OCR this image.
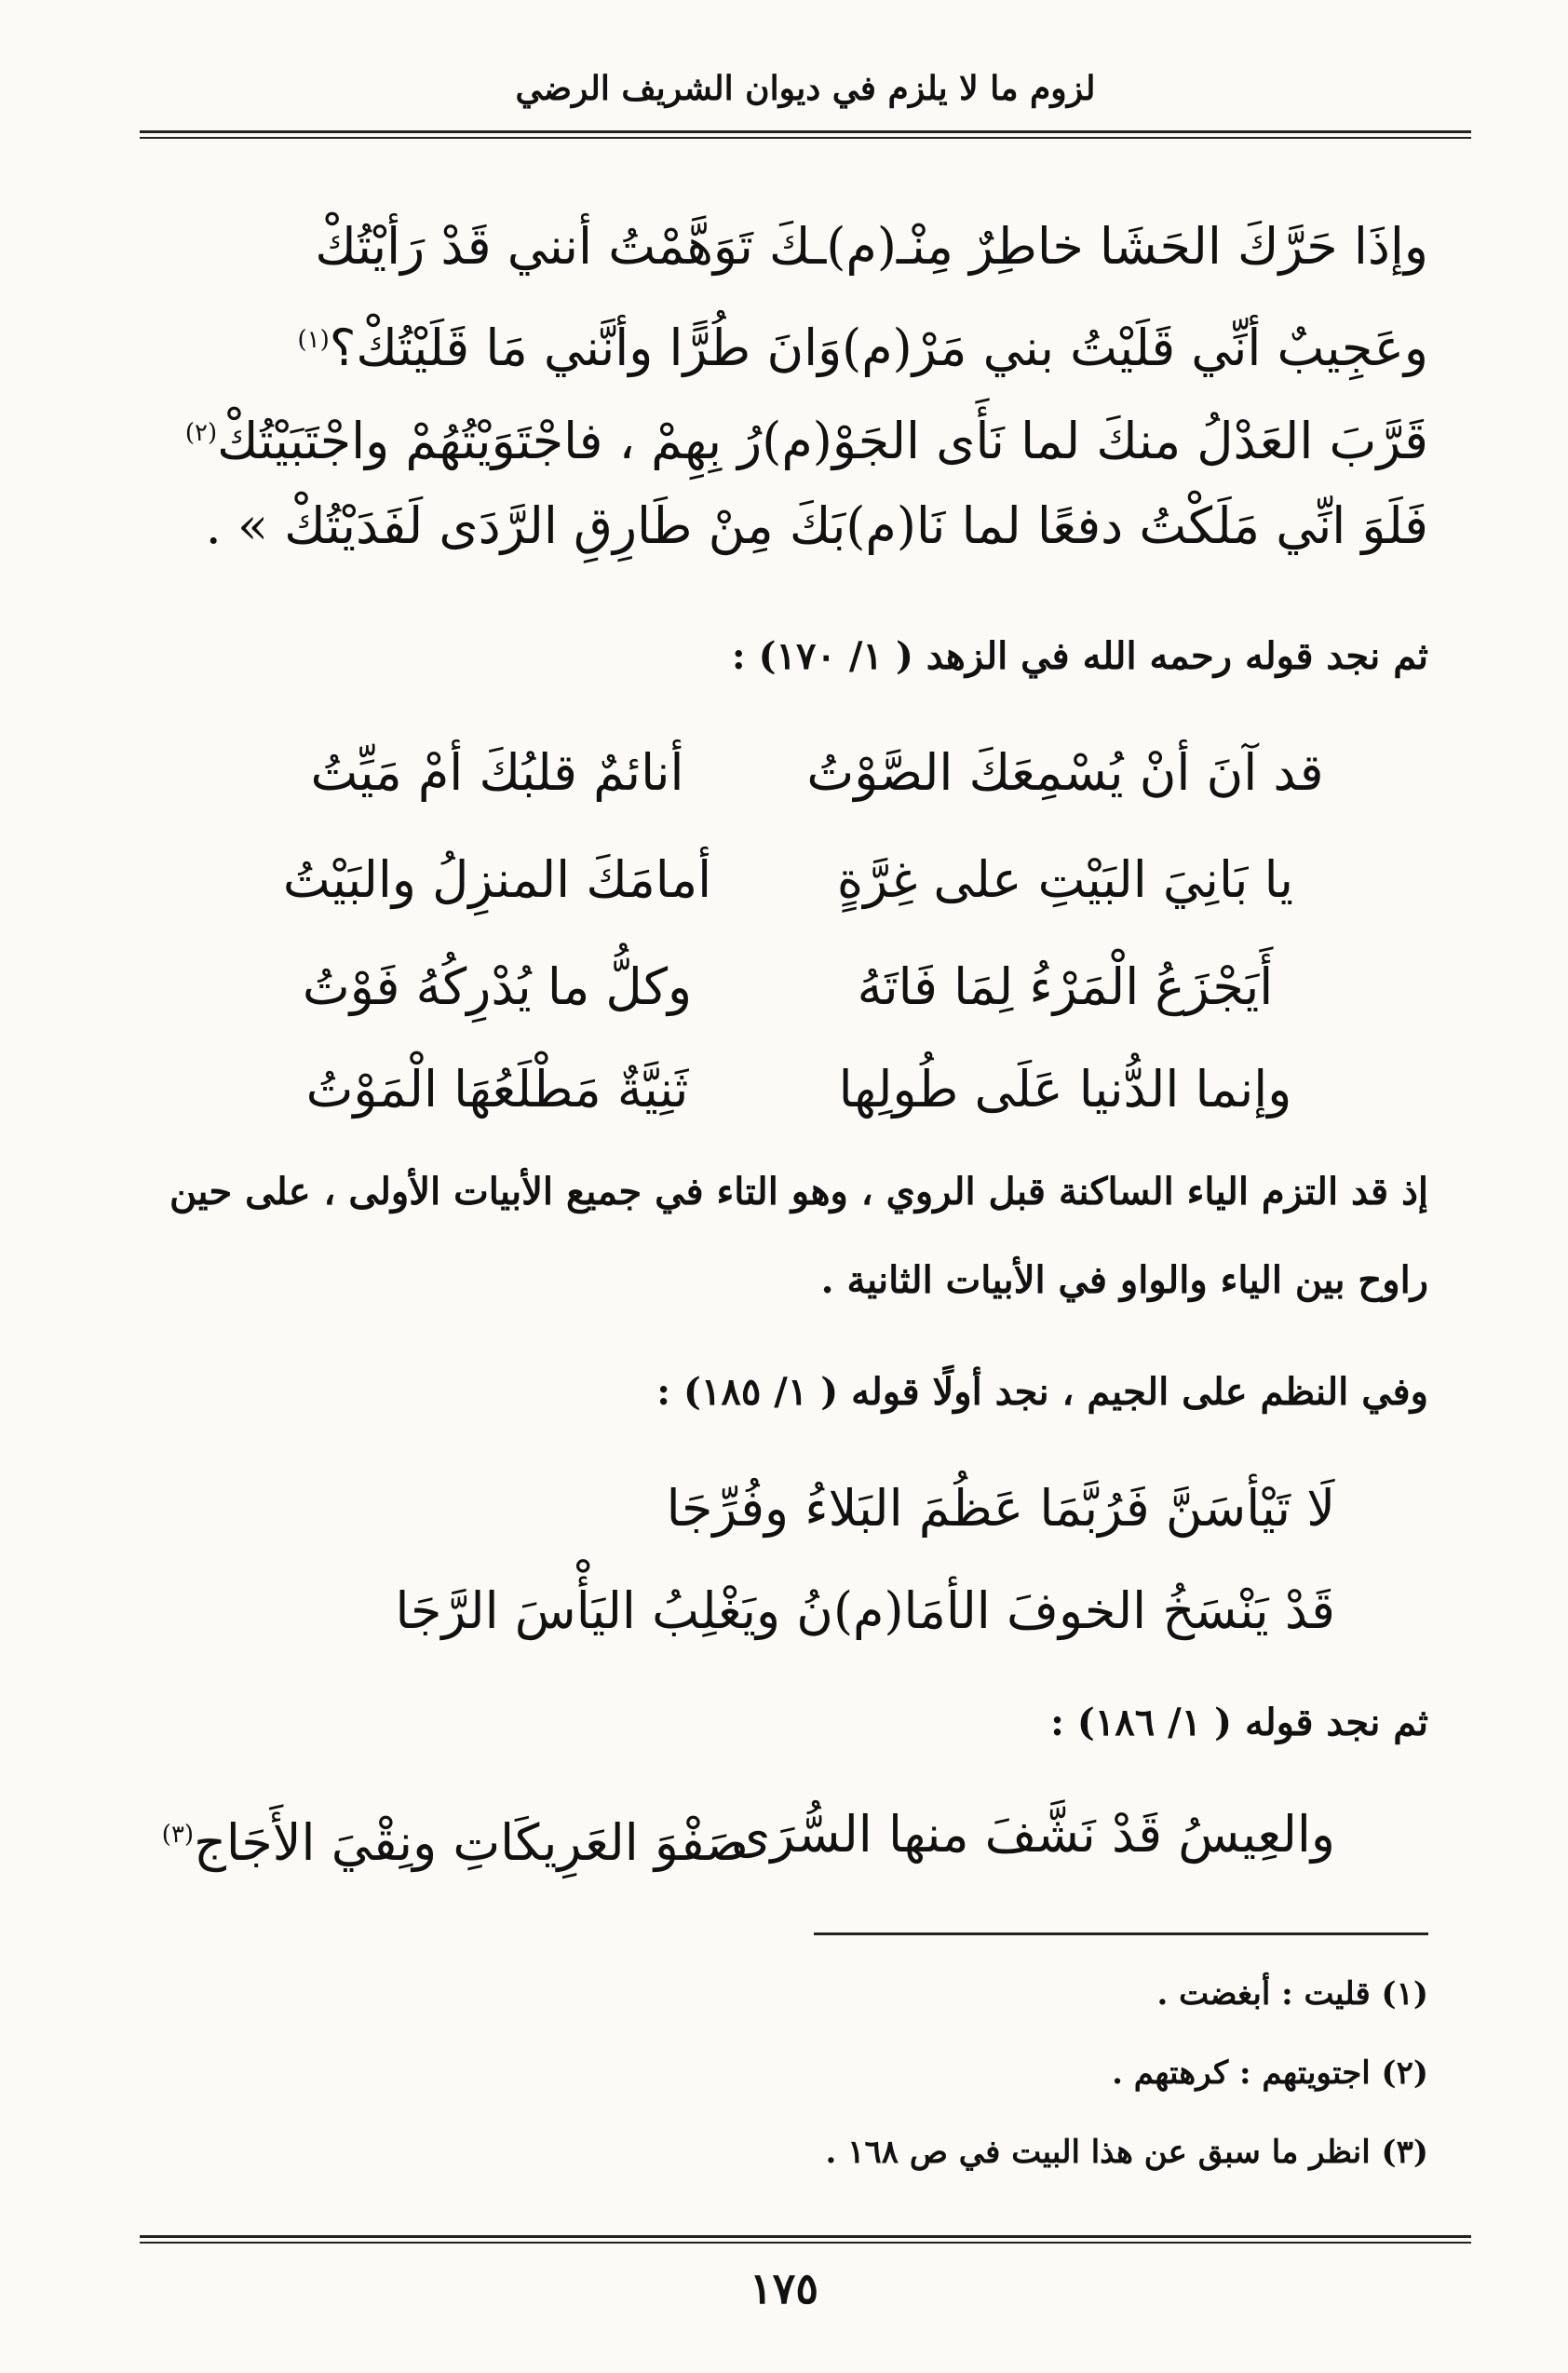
لزوم ما لا يلزم في ديوان الشريف الرضي
وإذَا حَرَّكَ الحَشَا خاطِرٌ مِنْـ(م)ـكَ تَوَهَّمْتُ أنني قَدْ رَأيْتُكْ
وعَجِيبٌ أنِّي قَلَيْتُ بني مَرْ(م)وَانَ طُرًّا وأنَّني مَا قَلَيْتُكْ؟$^{(١)}$
قَرَّبَ العَدْلُ منكَ لما نَأَى الجَوْ(م)رُ بِهِمْ ، فاجْتَوَيْتُهُمْ واجْتَبَيْتُكْ$^{(٢)}$
فَلَوَ انِّي مَلَكْتُ دفعًا لما نَا(م)بَكَ مِنْ طَارِقِ الرَّدَى لَفَدَيْتُكْ » .
ثم نجد قوله رحمه الله في الزهد ( ١/ ١٧٠) :
قد آنَ أنْ يُسْمِعَكَ الصَّوْتُ
أنائمٌ قلبُكَ أمْ مَيِّتُ
يا بَانِيَ البَيْتِ على غِرَّةٍ
أمامَكَ المنزِلُ والبَيْتُ
أَيَجْزَعُ الْمَرْءُ لِمَا فَاتَهُ
وكلُّ ما يُدْرِكُهُ فَوْتُ
وإنما الدُّنيا عَلَى طُولِها
ثَنِيَّةٌ مَطْلَعُهَا الْمَوْتُ
إذ قد التزم الياء الساكنة قبل الروي ، وهو التاء في جميع الأبيات الأولى ، على حين
راوح بين الياء والواو في الأبيات الثانية .
وفي النظم على الجيم ، نجد أولًا قوله ( ١/ ١٨٥) :
لَا تَيْأسَنَّ فَرُبَّمَا عَظُمَ البَلاءُ وفُرِّجَا
قَدْ يَنْسَخُ الخوفَ الأمَا(م)نُ ويَغْلِبُ اليَأْسَ الرَّجَا
ثم نجد قوله ( ١/ ١٨٦) :
والعِيسُ قَدْ نَشَّفَ منها السُّرَى
صَفْوَ العَرِيكَاتِ ونِقْيَ الأَجَاج$^{(٣)}$
(١) قليت : أبغضت .
(٢) اجتويتهم : كرهتهم .
(٣) انظر ما سبق عن هذا البيت في ص ١٦٨ .
١٧٥
